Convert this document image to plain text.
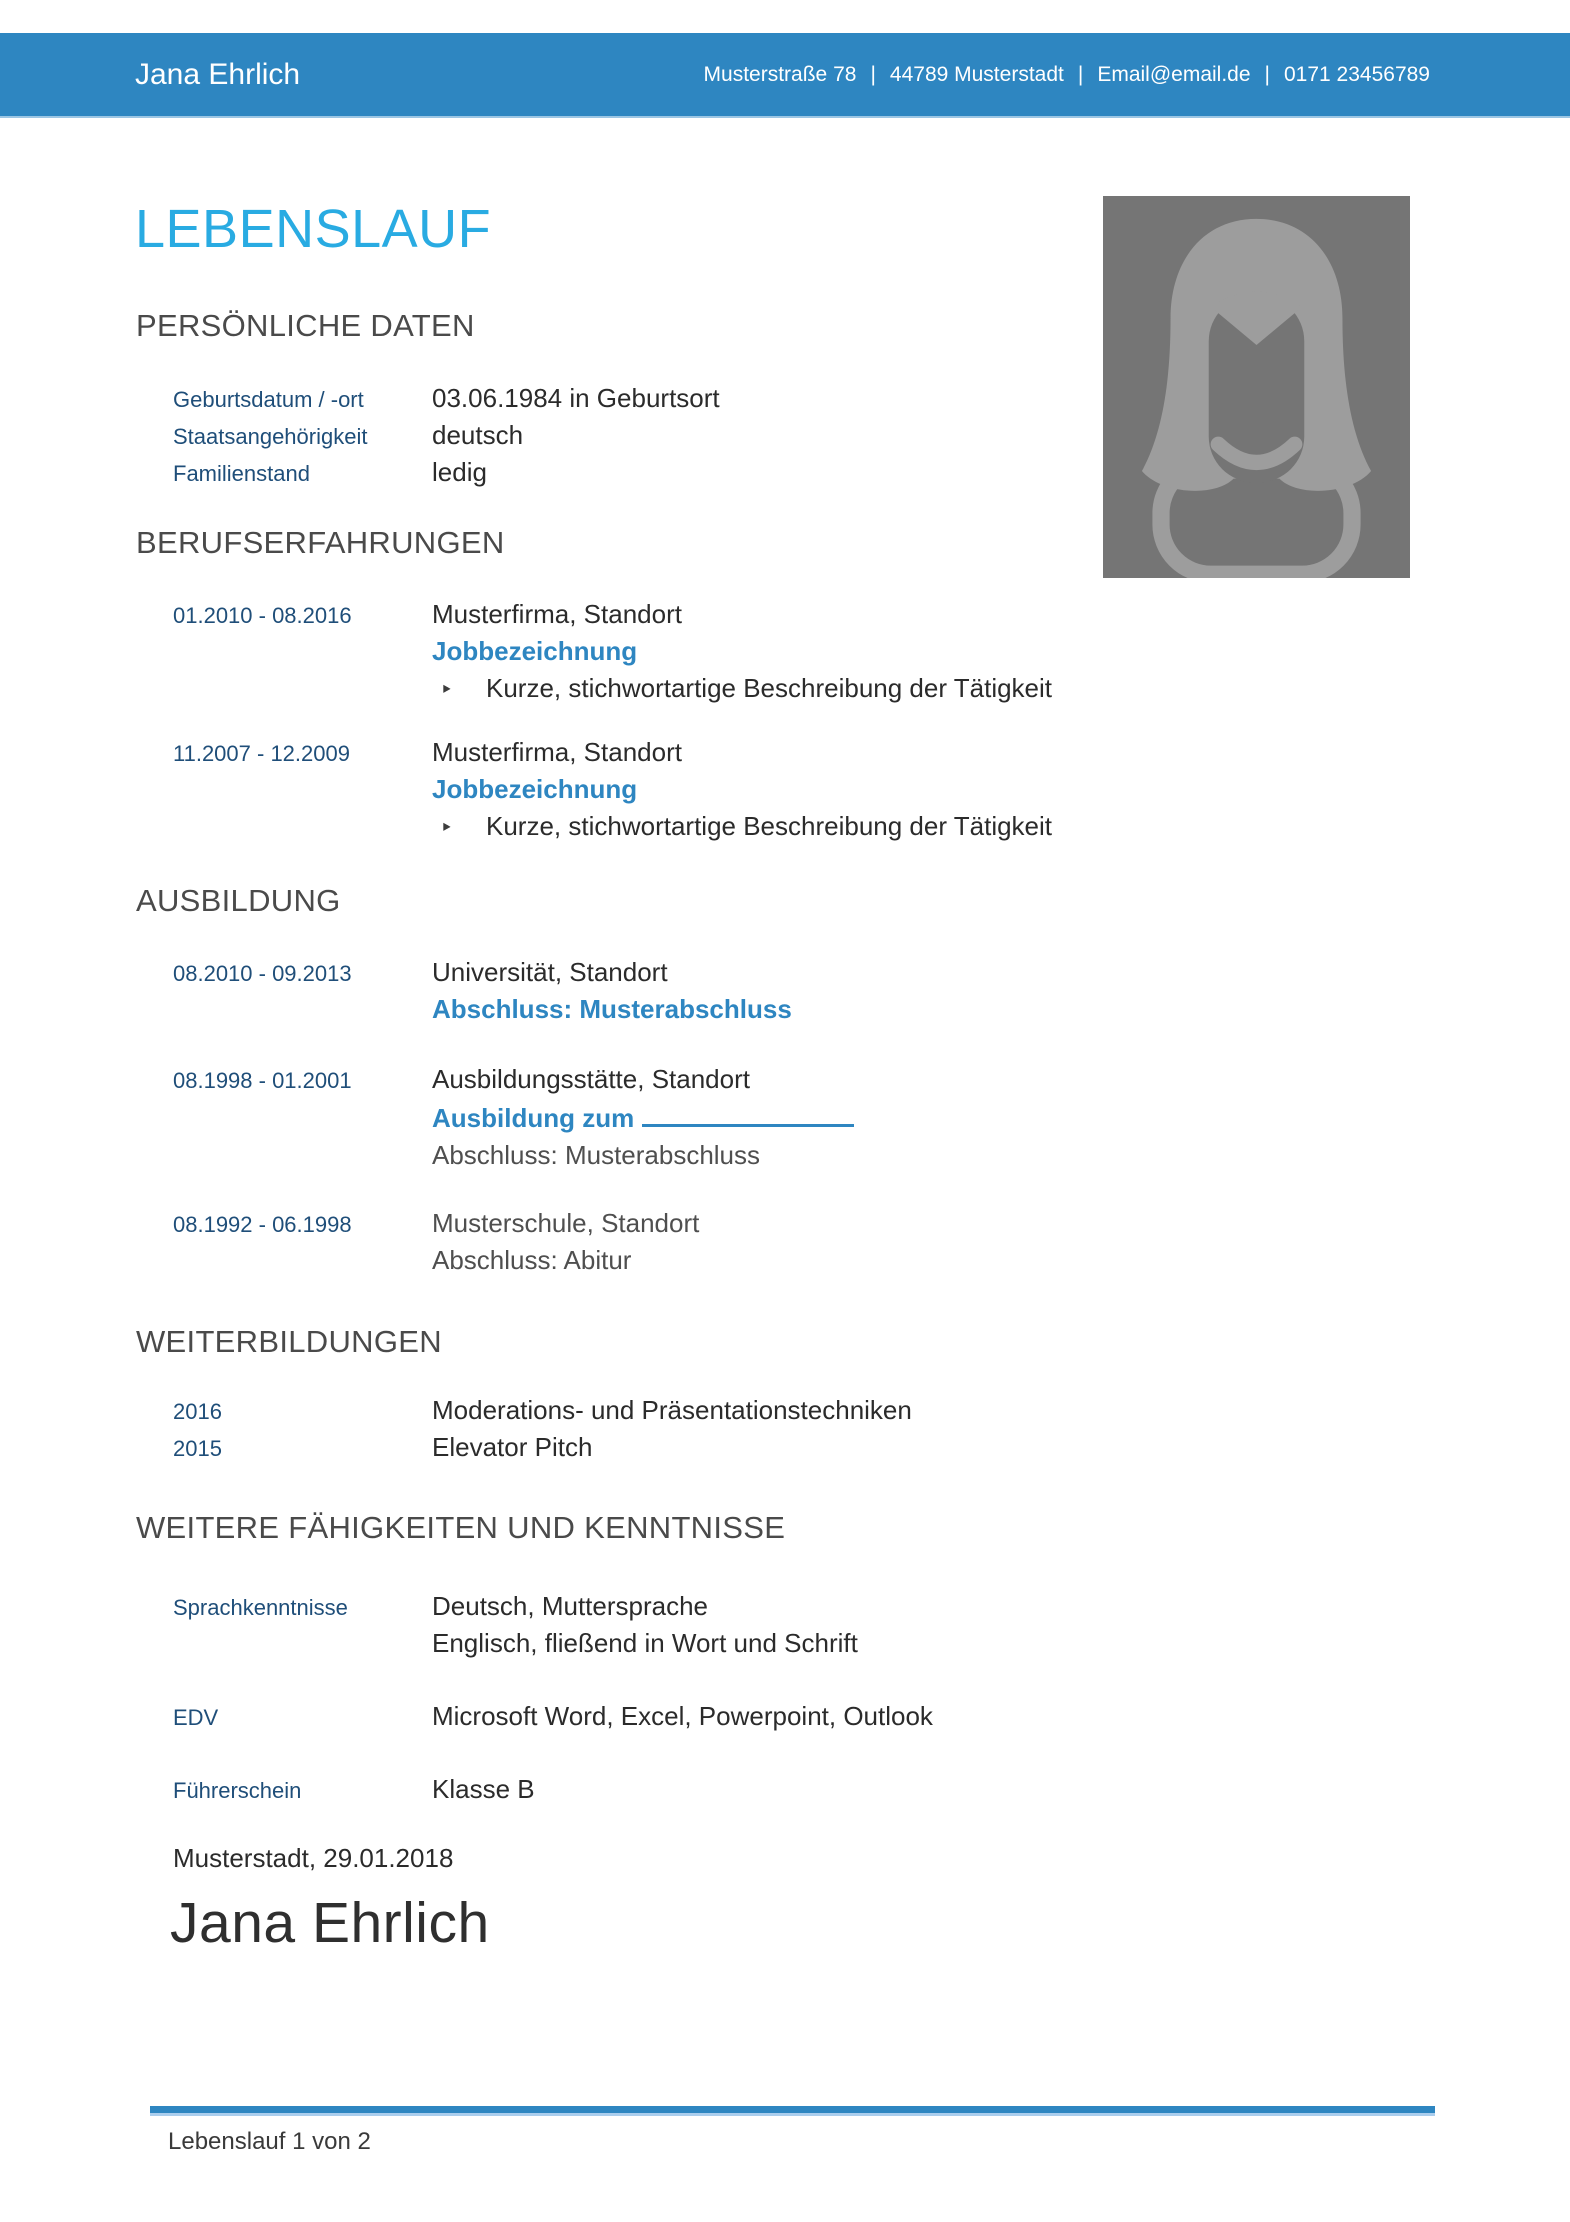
Jana Ehrlich	Musterstraße 78 | 44789 Musterstadt | Email@email.de | 0171 23456789
LEBENSLAUF
PERSÖNLICHE DATEN
Geburtsdatum / -ort	03.06.1984 in Geburtsort
Staatsangehörigkeit	deutsch
Familienstand	ledig
BERUFSERFAHRUNGEN
01.2010 - 08.2016	Musterfirma, Standort
Jobbezeichnung
‣	Kurze, stichwortartige Beschreibung der Tätigkeit
11.2007 - 12.2009	Musterfirma, Standort
Jobbezeichnung
‣	Kurze, stichwortartige Beschreibung der Tätigkeit
AUSBILDUNG
08.2010 - 09.2013	Universität, Standort
Abschluss: Musterabschluss
08.1998 - 01.2001	Ausbildungsstätte, Standort
Ausbildung zum
Abschluss: Musterabschluss
08.1992 - 06.1998	Musterschule, Standort
Abschluss: Abitur
WEITERBILDUNGEN
2016	Moderations- und Präsentationstechniken
2015	Elevator Pitch
WEITERE FÄHIGKEITEN UND KENNTNISSE
Sprachkenntnisse	Deutsch, Muttersprache
Englisch, fließend in Wort und Schrift
EDV	Microsoft Word, Excel, Powerpoint, Outlook
Führerschein	Klasse B
Musterstadt, 29.01.2018
Jana Ehrlich
Lebenslauf 1 von 2
